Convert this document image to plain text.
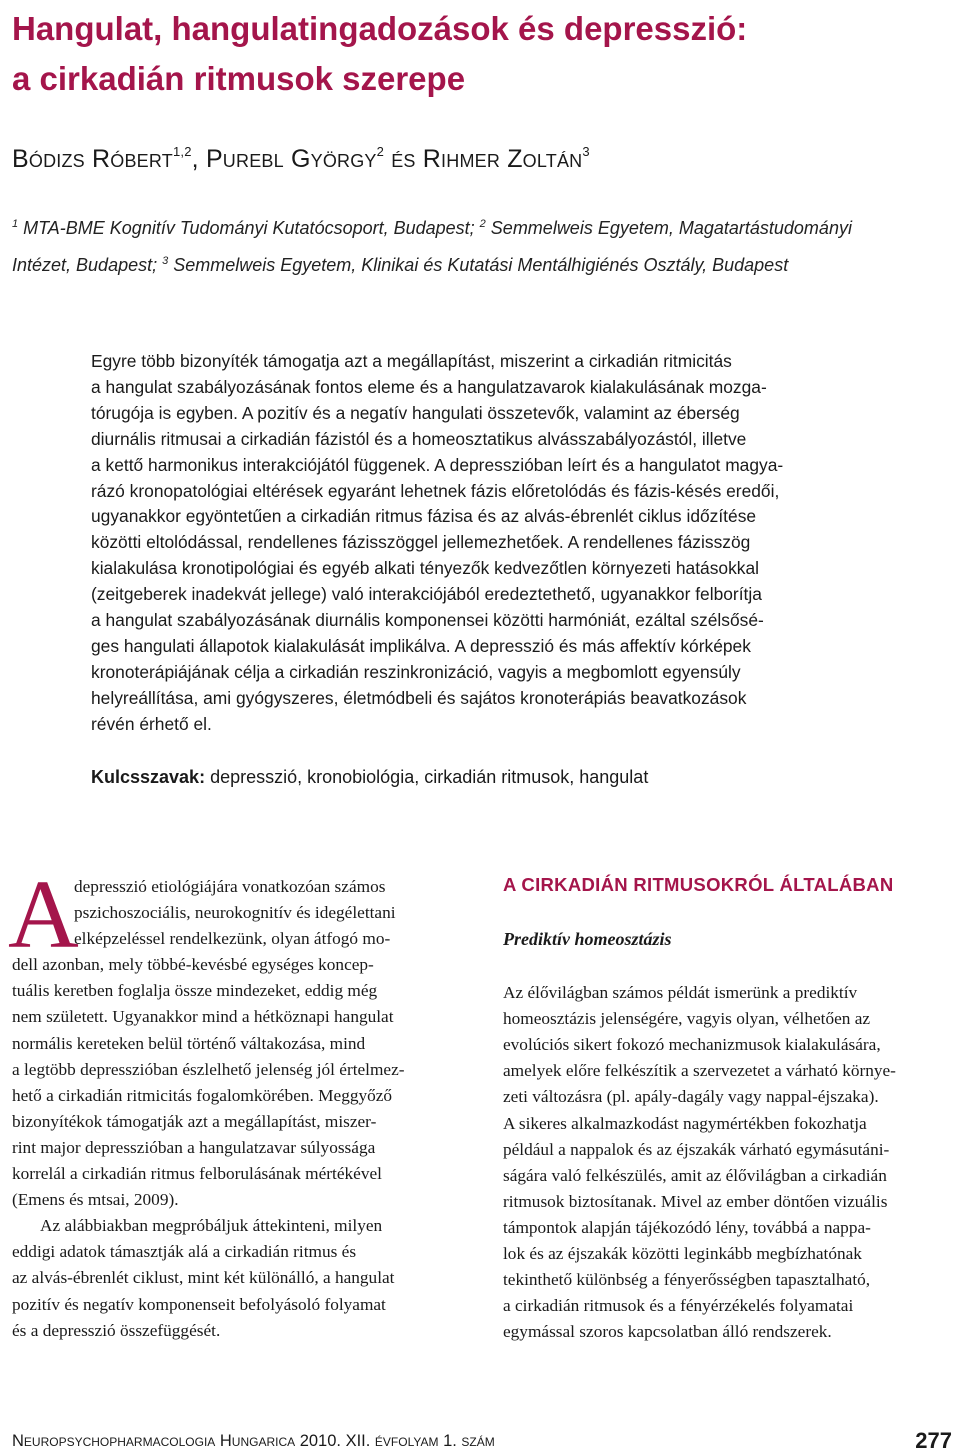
Hangulat, hangulatingadozások és depresszió:
a cirkadián ritmusok szerepe
Bódizs Róbert$^{1,2}$, Purebl György$^2$ és Rihmer Zoltán$^3$
$^1$ MTA-BME Kognitív Tudományi Kutatócsoport, Budapest; $^2$ Semmelweis Egyetem, Magatartástudományi
Intézet, Budapest; $^3$ Semmelweis Egyetem, Klinikai és Kutatási Mentálhigiénés Osztály, Budapest
Egyre több bizonyíték támogatja azt a megállapítást, miszerint a cirkadián ritmicitás
a hangulat szabályozásának fontos eleme és a hangulatzavarok kialakulásának mozga-
tórugója is egyben. A pozitív és a negatív hangulati összetevők, valamint az éberség
diurnális ritmusai a cirkadián fázistól és a homeosztatikus alvásszabályozástól, illetve
a kettő harmonikus interakciójától függenek. A depresszióban leírt és a hangulatot magya-
rázó kronopatológiai eltérések egyaránt lehetnek fázis előretolódás és fázis-késés eredői,
ugyanakkor egyöntetűen a cirkadián ritmus fázisa és az alvás-ébrenlét ciklus időzítése
közötti eltolódással, rendellenes fázisszöggel jellemezhetőek. A rendellenes fázisszög
kialakulása kronotipológiai és egyéb alkati tényezők kedvezőtlen környezeti hatásokkal
(zeitgeberek inadekvát jellege) való interakciójából eredeztethető, ugyanakkor felborítja
a hangulat szabályozásának diurnális komponensei közötti harmóniát, ezáltal szélsősé-
ges hangulati állapotok kialakulását implikálva. A depresszió és más affektív kórképek
kronoterápiájának célja a cirkadián reszinkronizáció, vagyis a megbomlott egyensúly
helyreállítása, ami gyógyszeres, életmódbeli és sajátos kronoterápiás beavatkozások
révén érhető el.
Kulcsszavak: depresszió, kronobiológia, cirkadián ritmusok, hangulat
A
depresszió etiológiájára vonatkozóan számos
pszichoszociális, neurokognitív és idegélettani
elképzeléssel rendelkezünk, olyan átfogó mo-
dell azonban, mely többé-kevésbé egységes koncep-
tuális keretben foglalja össze mindezeket, eddig még
nem született. Ugyanakkor mind a hétköznapi hangulat
normális kereteken belül történő váltakozása, mind
a legtöbb depresszióban észlelhető jelenség jól értelmez-
hető a cirkadián ritmicitás fogalomkörében. Meggyőző
bizonyítékok támogatják azt a megállapítást, miszer-
rint major depresszióban a hangulatzavar súlyossága
korrelál a cirkadián ritmus felborulásának mértékével
(Emens és mtsai, 2009).
Az alábbiakban megpróbáljuk áttekinteni, milyen
eddigi adatok támasztják alá a cirkadián ritmus és
az alvás-ébrenlét ciklust, mint két különálló, a hangulat
pozitív és negatív komponenseit befolyásoló folyamat
és a depresszió összefüggését.
A CIRKADIÁN RITMUSOKRÓL ÁLTALÁBAN
Prediktív homeosztázis
Az élővilágban számos példát ismerünk a prediktív
homeosztázis jelenségére, vagyis olyan, vélhetően az
evolúciós sikert fokozó mechanizmusok kialakulására,
amelyek előre felkészítik a szervezetet a várható környe-
zeti változásra (pl. apály-dagály vagy nappal-éjszaka).
A sikeres alkalmazkodást nagymértékben fokozhatja
például a nappalok és az éjszakák várható egymásutáni-
ságára való felkészülés, amit az élővilágban a cirkadián
ritmusok biztosítanak. Mivel az ember döntően vizuális
támpontok alapján tájékozódó lény, továbbá a nappa-
lok és az éjszakák közötti leginkább megbízhatónak
tekinthető különbség a fényerősségben tapasztalható,
a cirkadián ritmusok és a fényérzékelés folyamatai
egymással szoros kapcsolatban álló rendszerek.
Neuropsychopharmacologia Hungarica 2010. XII. évfolyam 1. szám	277
